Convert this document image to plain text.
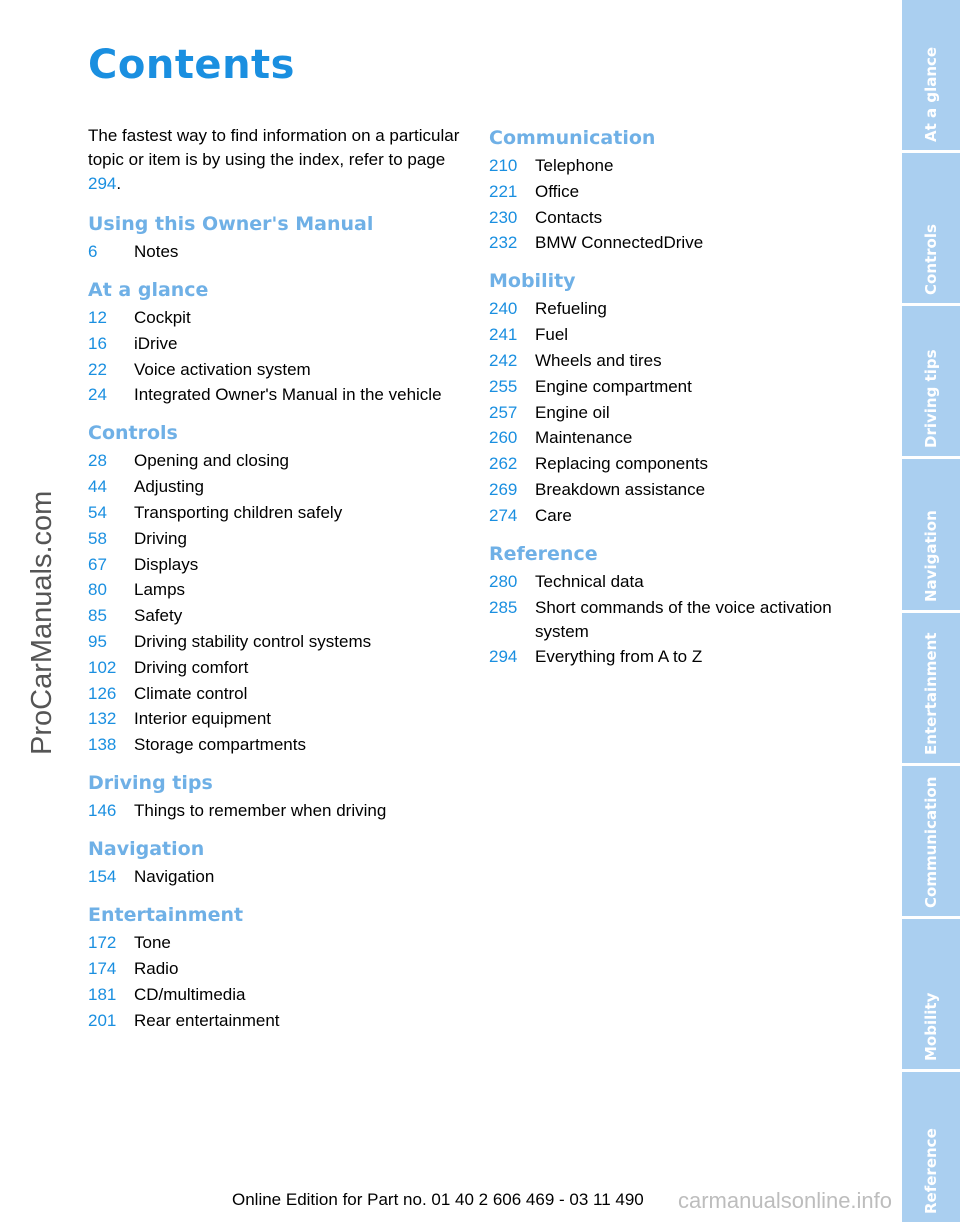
Contents

The fastest way to find information on a particular topic or item is by using the index, refer to page 294.

Using this Owner's Manual
6	Notes
At a glance
12	Cockpit
16	iDrive
22	Voice activation system
24	Integrated Owner's Manual in the vehicle
Controls
28	Opening and closing
44	Adjusting
54	Transporting children safely
58	Driving
67	Displays
80	Lamps
85	Safety
95	Driving stability control systems
102	Driving comfort
126	Climate control
132	Interior equipment
138	Storage compartments
Driving tips
146	Things to remember when driving
Navigation
154	Navigation
Entertainment
172	Tone
174	Radio
181	CD/multimedia
201	Rear entertainment
Communication
210	Telephone
221	Office
230	Contacts
232	BMW ConnectedDrive
Mobility
240	Refueling
241	Fuel
242	Wheels and tires
255	Engine compartment
257	Engine oil
260	Maintenance
262	Replacing components
269	Breakdown assistance
274	Care
Reference
280	Technical data
285	Short commands of the voice activation system
294	Everything from A to Z
At a glance
Controls
Driving tips
Navigation
Entertainment
Communication
Mobility
Reference
ProCarManuals.com
Online Edition for Part no. 01 40 2 606 469 - 03 11 490 carmanualsonline.info
